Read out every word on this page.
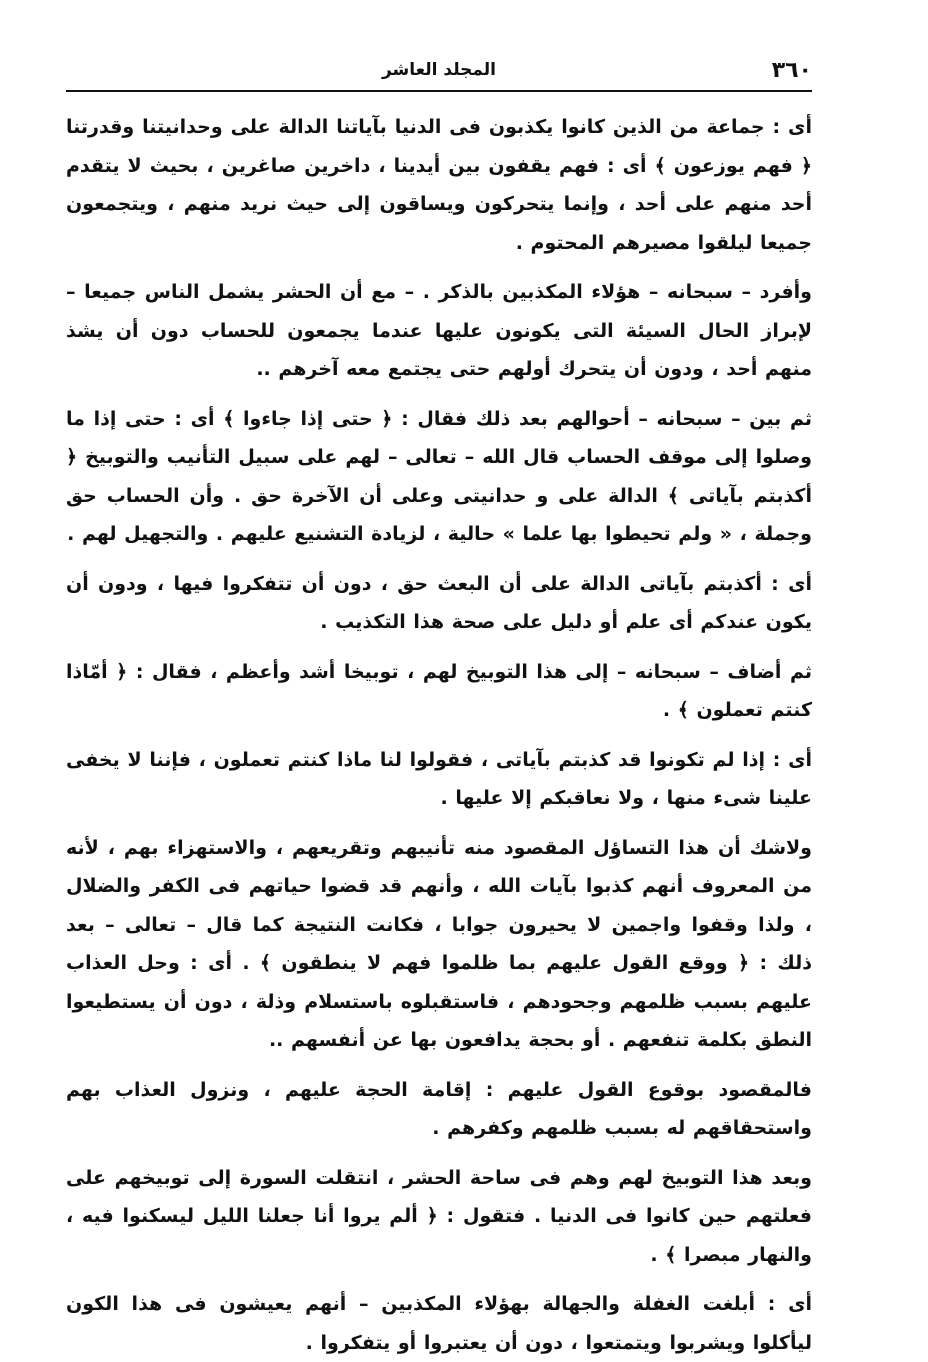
٣٦٠
المجلد العاشر

أى : جماعة من الذين كانوا يكذبون فى الدنيا بآياتنا الدالة على وحدانيتنا وقدرتنا ﴿ فهم يوزعون ﴾ أى : فهم يقفون بين أيدينا ، داخرين صاغرين ، بحيث لا يتقدم أحد منهم على أحد ، وإنما يتحركون ويساقون إلى حيث نريد منهم ، ويتجمعون جميعا ليلقوا مصيرهم المحتوم .

وأفرد – سبحانه – هؤلاء المكذبين بالذكر . – مع أن الحشر يشمل الناس جميعا – لإبراز الحال السيئة التى يكونون عليها عندما يجمعون للحساب دون أن يشذ منهم أحد ، ودون أن يتحرك أولهم حتى يجتمع معه آخرهم ..

ثم بين – سبحانه – أحوالهم بعد ذلك فقال : ﴿ حتى إذا جاءوا ﴾ أى : حتى إذا ما وصلوا إلى موقف الحساب قال الله – تعالى – لهم على سبيل التأنيب والتوبيخ ﴿ أكذبتم بآياتى ﴾ الدالة على و حدانيتى وعلى أن الآخرة حق . وأن الحساب حق وجملة ، « ولم تحيطوا بها علما » حالية ، لزيادة التشنيع عليهم . والتجهيل لهم .

أى : أكذبتم بآياتى الدالة على أن البعث حق ، دون أن تتفكروا فيها ، ودون أن يكون عندكم أى علم أو دليل على صحة هذا التكذيب .

ثم أضاف – سبحانه – إلى هذا التوبيخ لهم ، توبيخا أشد وأعظم ، فقال : ﴿ أمّاذا كنتم تعملون ﴾ .

أى : إذا لم تكونوا قد كذبتم بآياتى ، فقولوا لنا ماذا كنتم تعملون ، فإننا لا يخفى علينا شىء منها ، ولا نعاقبكم إلا عليها .

ولاشك أن هذا التساؤل المقصود منه تأنيبهم وتقريعهم ، والاستهزاء بهم ، لأنه من المعروف أنهم كذبوا بآيات الله ، وأنهم قد قضوا حياتهم فى الكفر والضلال ، ولذا وقفوا واجمين لا يحيرون جوابا ، فكانت النتيجة كما قال – تعالى – بعد ذلك : ﴿ ووقع القول عليهم بما ظلموا فهم لا ينطقون ﴾ . أى : وحل العذاب عليهم بسبب ظلمهم وجحودهم ، فاستقبلوه باستسلام وذلة ، دون أن يستطيعوا النطق بكلمة تنفعهم . أو بحجة يدافعون بها عن أنفسهم ..

فالمقصود بوقوع القول عليهم : إقامة الحجة عليهم ، ونزول العذاب بهم واستحقاقهم له بسبب ظلمهم وكفرهم .

وبعد هذا التوبيخ لهم وهم فى ساحة الحشر ، انتقلت السورة إلى توبيخهم على فعلتهم حين كانوا فى الدنيا . فتقول : ﴿ ألم يروا أنا جعلنا الليل ليسكنوا فيه ، والنهار مبصرا ﴾ .

أى : أبلغت الغفلة والجهالة بهؤلاء المكذبين – أنهم يعيشون فى هذا الكون ليأكلوا ويشربوا ويتمتعوا ، دون أن يعتبروا أو يتفكروا .
